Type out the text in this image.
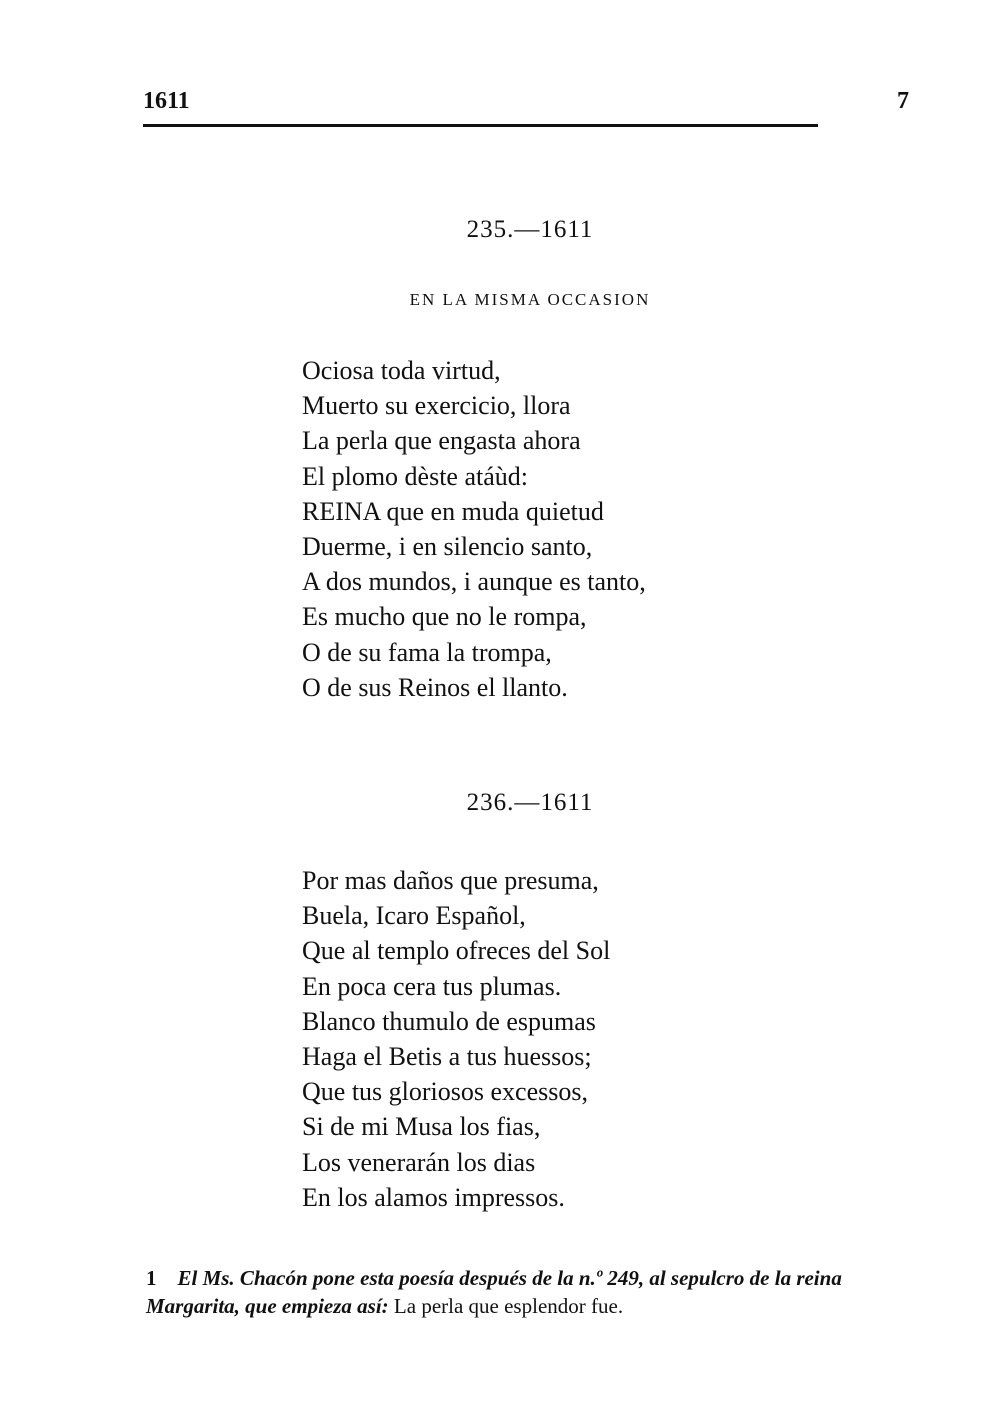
1611	7
235.—1611
EN LA MISMA OCCASION
Ociosa toda virtud,
Muerto su exercicio, llora
La perla que engasta ahora
El plomo dèste atáùd:
REINA que en muda quietud
Duerme, i en silencio santo,
A dos mundos, i aunque es tanto,
Es mucho que no le rompa,
O de su fama la trompa,
O de sus Reinos el llanto.
236.—1611
Por mas daños que presuma,
Buela, Icaro Español,
Que al templo ofreces del Sol
En poca cera tus plumas.
Blanco thumulo de espumas
Haga el Betis a tus huessos;
Que tus gloriosos excessos,
Si de mi Musa los fias,
Los venerarán los dias
En los alamos impressos.
1 El Ms. Chacón pone esta poesía después de la n.º 249, al sepulcro de la reina Margarita, que empieza así: La perla que esplendor fue.
